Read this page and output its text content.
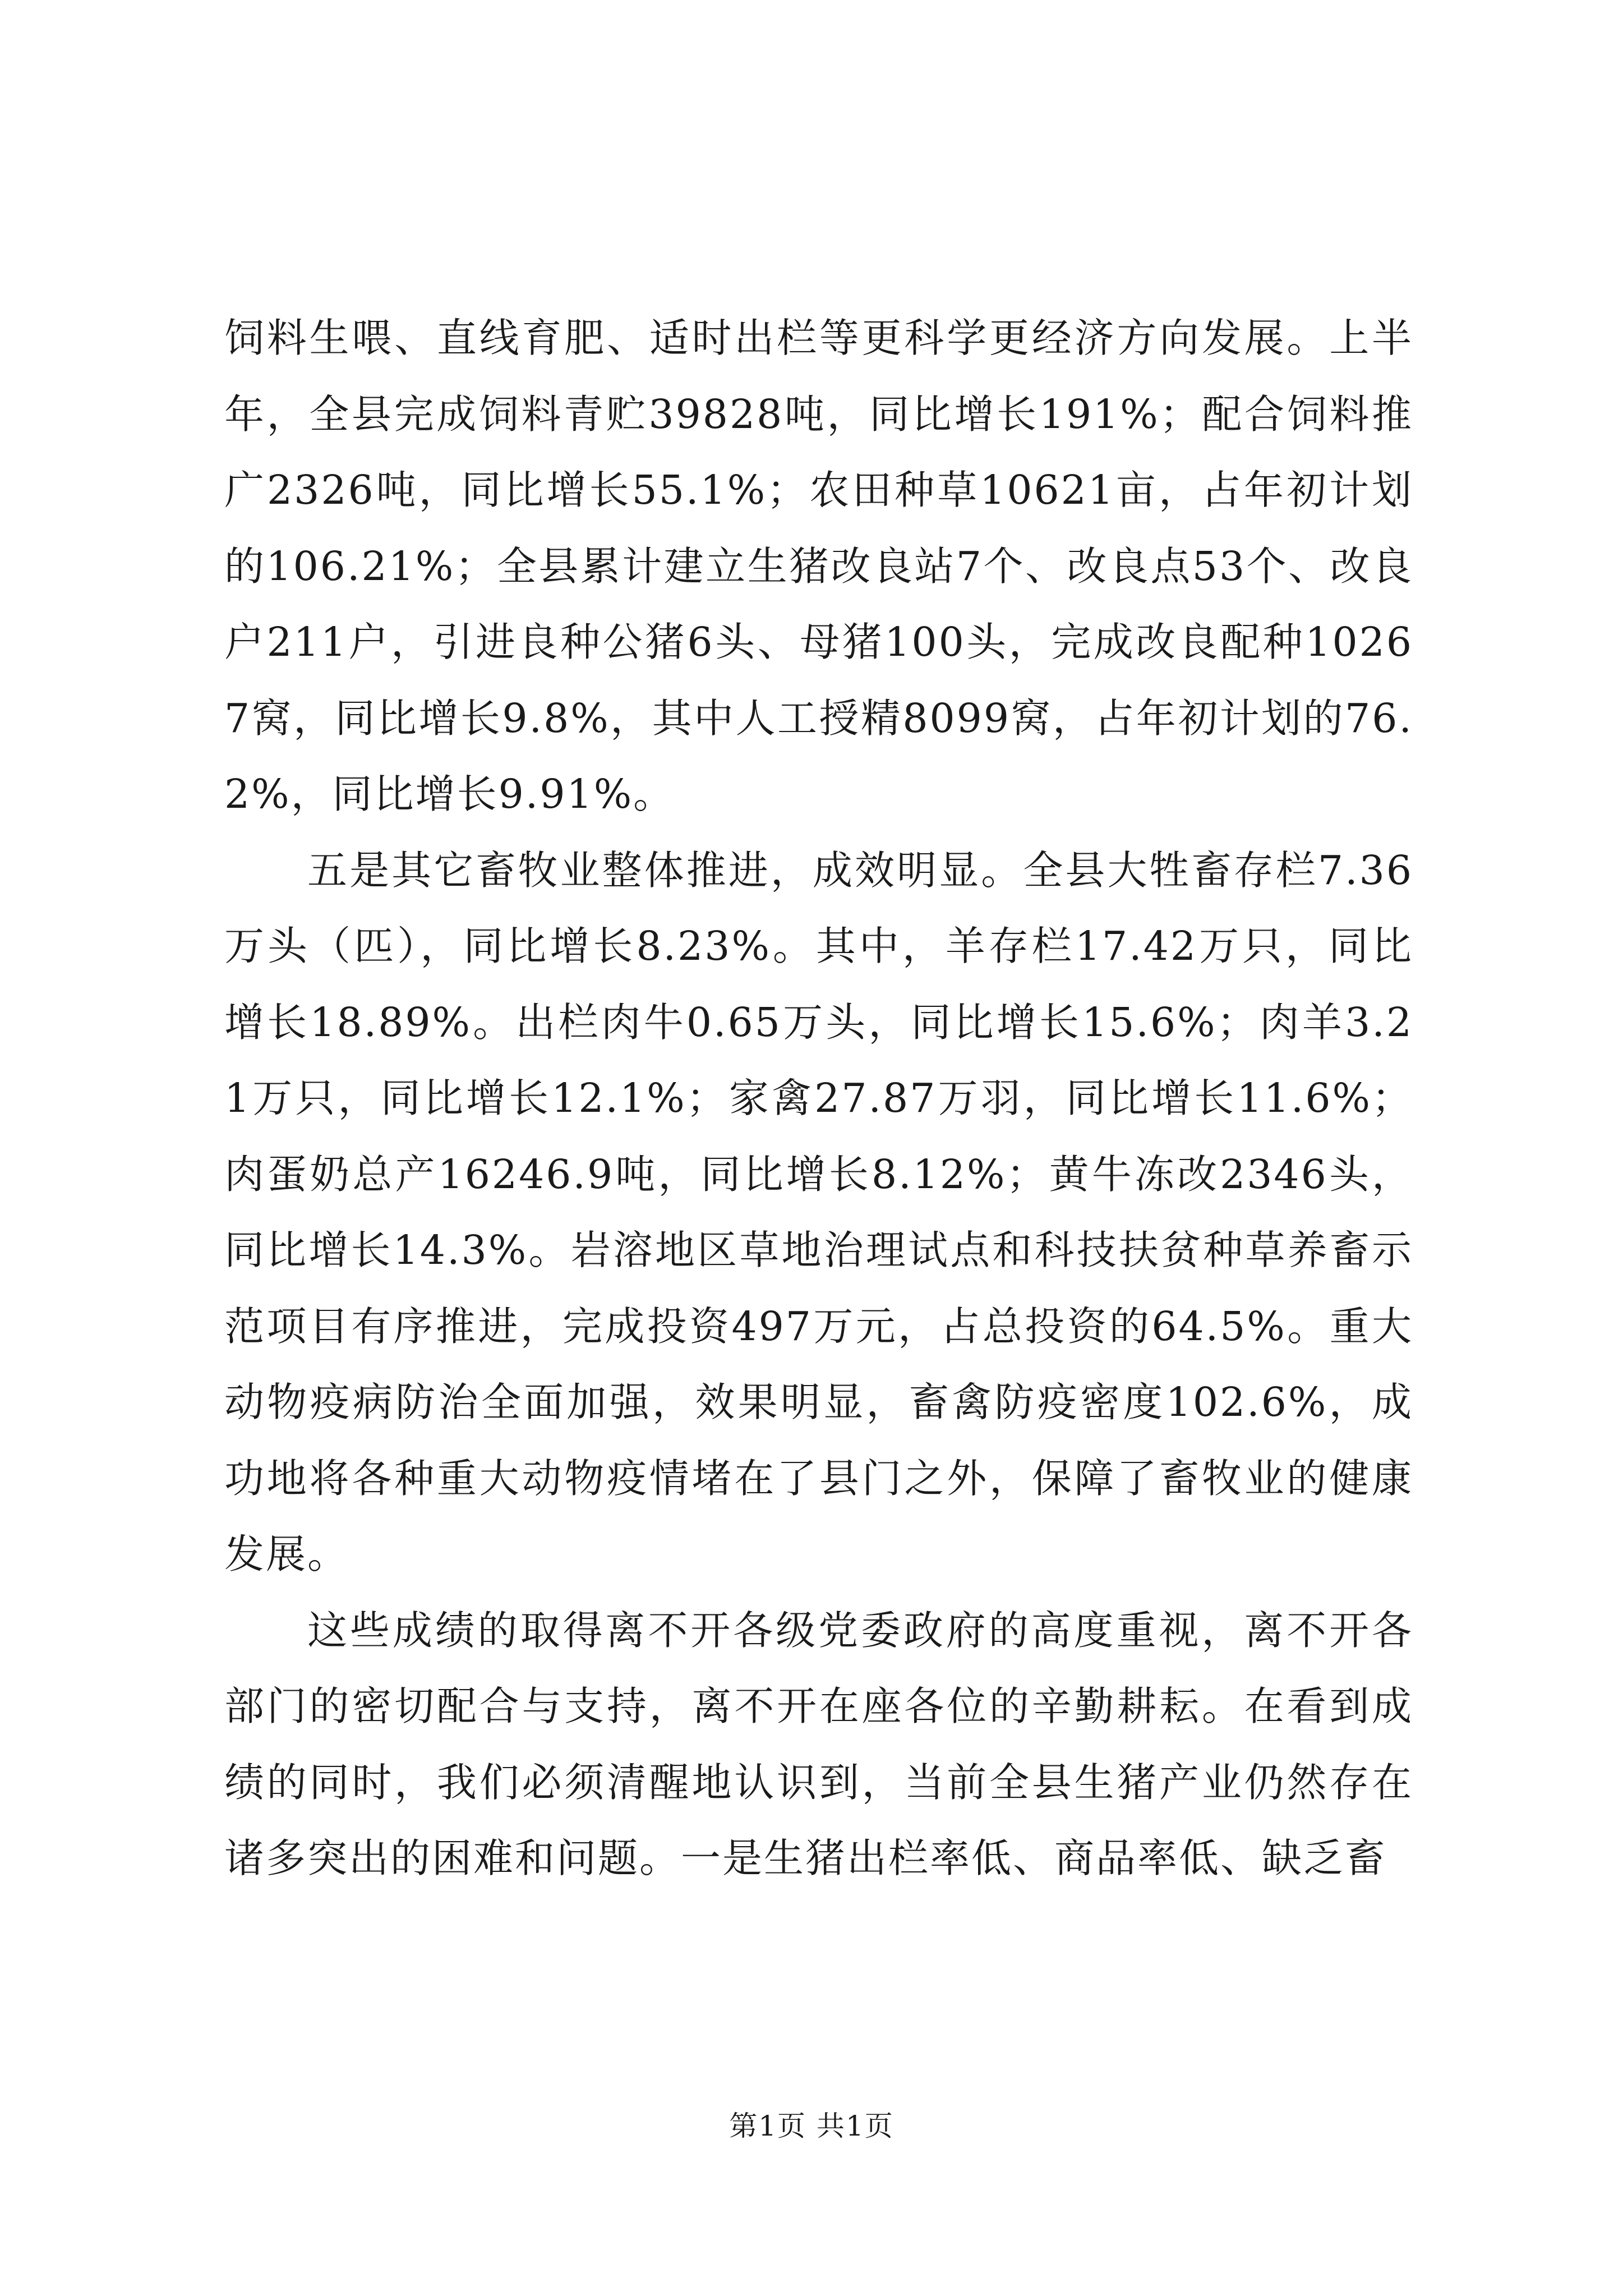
饲料生喂、直线育肥、适时出栏等更科学更经济方向发展。上半年，全县完成饲料青贮39828吨，同比增长191%；配合饲料推广2326吨，同比增长55.1%；农田种草10621亩，占年初计划的106.21%；全县累计建立生猪改良站7个、改良点53个、改良户211户，引进良种公猪6头、母猪100头，完成改良配种10267窝，同比增长9.8%，其中人工授精8099窝，占年初计划的76.2%，同比增长9.91%。

五是其它畜牧业整体推进，成效明显。全县大牲畜存栏7.36万头（匹），同比增长8.23%。其中，羊存栏17.42万只，同比增长18.89%。出栏肉牛0.65万头，同比增长15.6%；肉羊3.21万只，同比增长12.1%；家禽27.87万羽，同比增长11.6%；肉蛋奶总产16246.9吨，同比增长8.12%；黄牛冻改2346头，同比增长14.3%。岩溶地区草地治理试点和科技扶贫种草养畜示范项目有序推进，完成投资497万元，占总投资的64.5%。重大动物疫病防治全面加强，效果明显，畜禽防疫密度102.6%，成功地将各种重大动物疫情堵在了县门之外，保障了畜牧业的健康发展。

这些成绩的取得离不开各级党委政府的高度重视，离不开各部门的密切配合与支持，离不开在座各位的辛勤耕耘。在看到成绩的同时，我们必须清醒地认识到，当前全县生猪产业仍然存在诸多突出的困难和问题。一是生猪出栏率低、商品率低、缺乏畜

第1页 共1页
